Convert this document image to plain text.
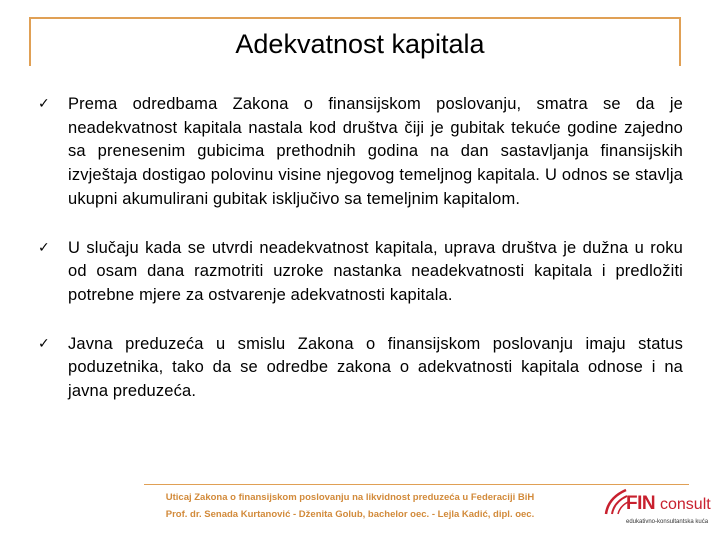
Adekvatnost kapitala
✓ Prema odredbama Zakona o finansijskom poslovanju, smatra se da je neadekvatnost kapitala nastala kod društva čiji je gubitak tekuće godine zajedno sa prenesenim gubicima prethodnih godina na dan sastavljanja finansijskih izvještaja dostigao polovinu visine njegovog temeljnog kapitala. U odnos se stavlja ukupni akumulirani gubitak isključivo sa temeljnim kapitalom.
✓ U slučaju kada se utvrdi neadekvatnost kapitala, uprava društva je dužna u roku od osam dana razmotriti uzroke nastanka neadekvatnosti kapitala i predložiti potrebne mjere za ostvarenje adekvatnosti kapitala.
✓ Javna preduzeća u smislu Zakona o finansijskom poslovanju imaju status poduzetnika, tako da se odredbe zakona o adekvatnosti kapitala odnose i na javna preduzeća.
Uticaj Zakona o finansijskom poslovanju na likvidnost preduzeća u Federaciji BiH
Prof. dr. Senada Kurtanović - Dženita Golub, bachelor oec. - Lejla Kadić, dipl. oec.
FIN consult
edukativno-konsultantska kuća
